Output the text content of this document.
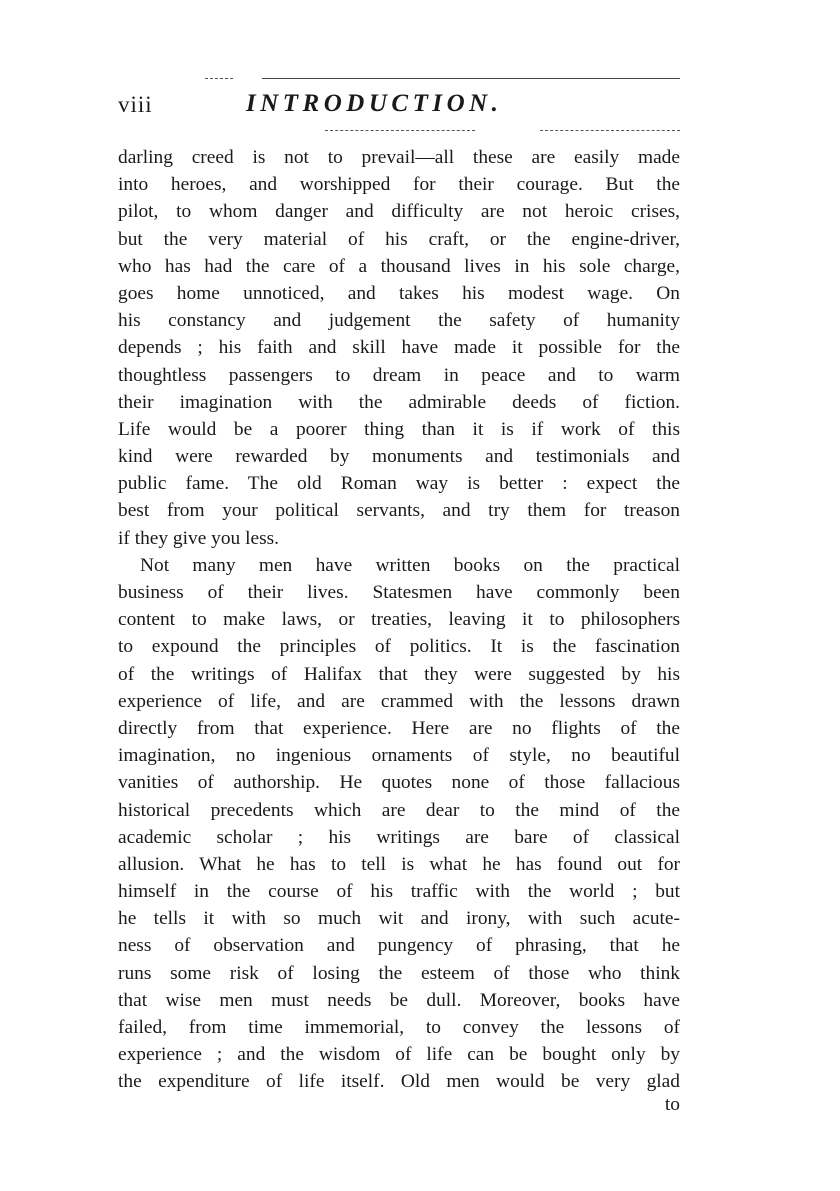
viii	INTRODUCTION.
darling creed is not to prevail—all these are easily made
into heroes, and worshipped for their courage. But the
pilot, to whom danger and difficulty are not heroic crises,
but the very material of his craft, or the engine-driver,
who has had the care of a thousand lives in his sole charge,
goes home unnoticed, and takes his modest wage. On
his constancy and judgement the safety of humanity
depends ; his faith and skill have made it possible for the
thoughtless passengers to dream in peace and to warm
their imagination with the admirable deeds of fiction.
Life would be a poorer thing than it is if work of this
kind were rewarded by monuments and testimonials and
public fame. The old Roman way is better : expect the
best from your political servants, and try them for treason
if they give you less.
Not many men have written books on the practical
business of their lives. Statesmen have commonly been
content to make laws, or treaties, leaving it to philosophers
to expound the principles of politics. It is the fascination
of the writings of Halifax that they were suggested by his
experience of life, and are crammed with the lessons drawn
directly from that experience. Here are no flights of the
imagination, no ingenious ornaments of style, no beautiful
vanities of authorship. He quotes none of those fallacious
historical precedents which are dear to the mind of the
academic scholar ; his writings are bare of classical
allusion. What he has to tell is what he has found out for
himself in the course of his traffic with the world ; but
he tells it with so much wit and irony, with such acute-
ness of observation and pungency of phrasing, that he
runs some risk of losing the esteem of those who think
that wise men must needs be dull. Moreover, books have
failed, from time immemorial, to convey the lessons of
experience ; and the wisdom of life can be bought only by
the expenditure of life itself. Old men would be very glad
to
